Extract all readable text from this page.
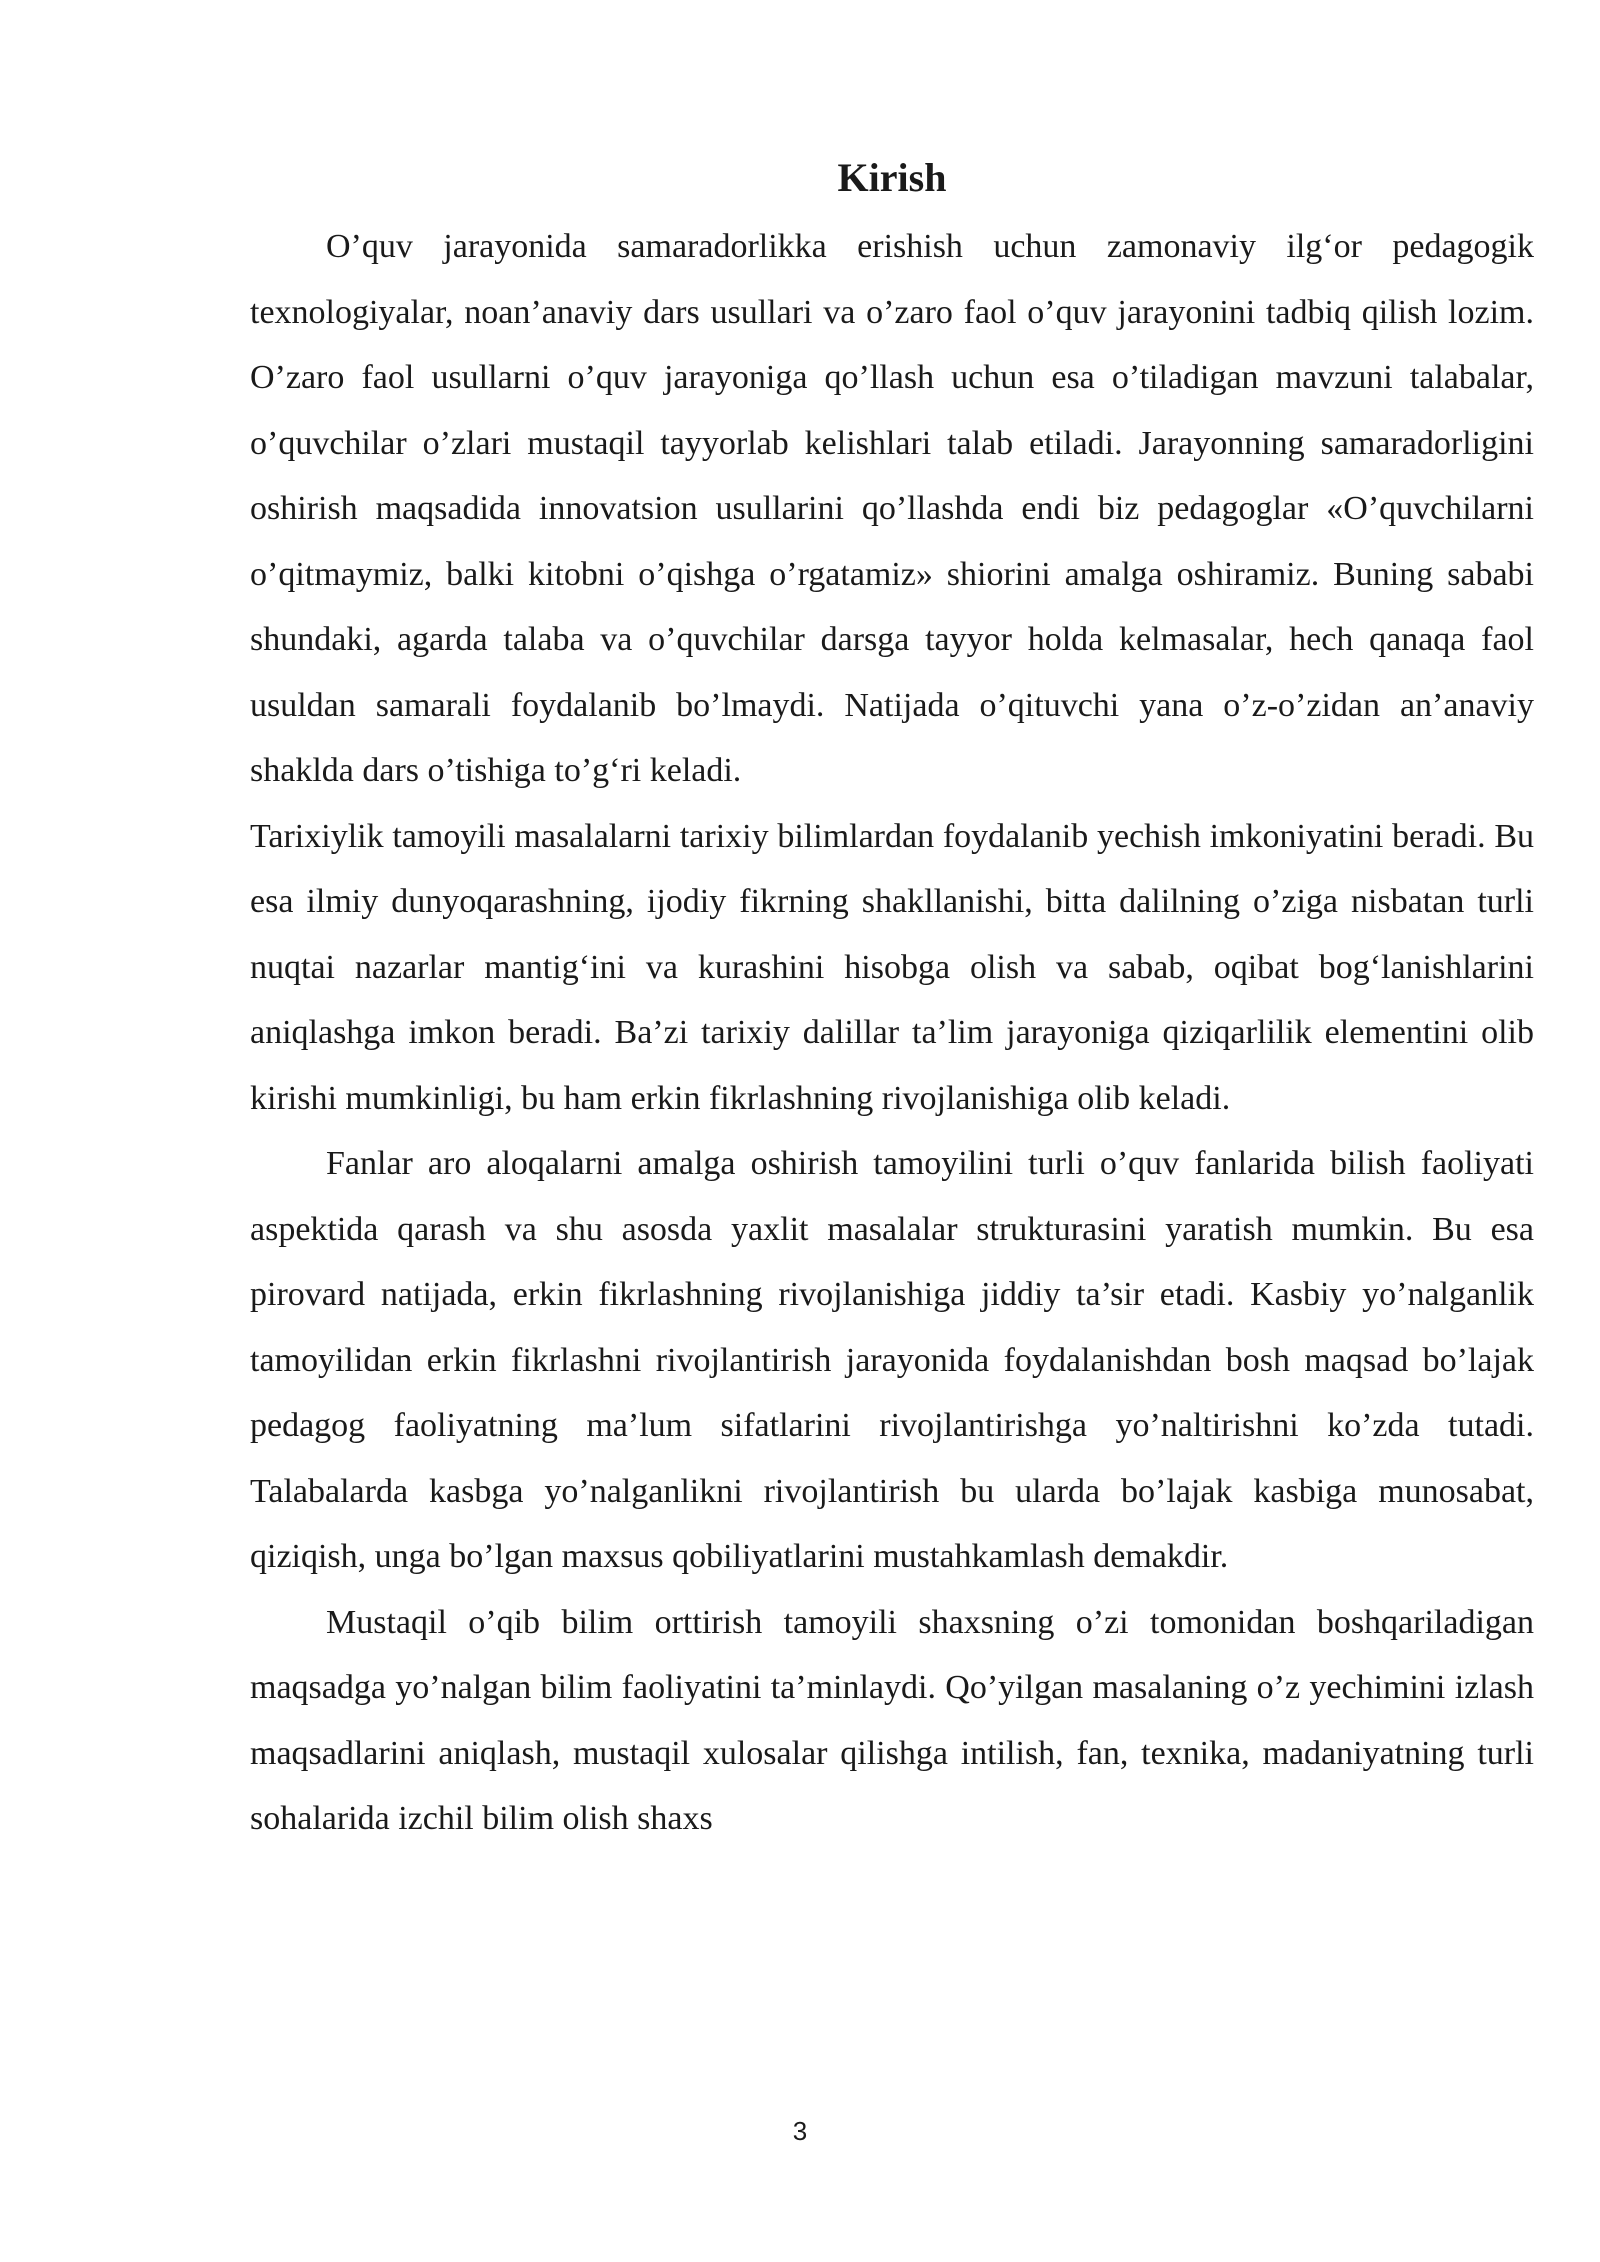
Kirish

O’quv jarayonida samaradorlikka erishish uchun zamonaviy ilg‘or pedagogik texnologiyalar, noan’anaviy dars usullari va o’zaro faol o’quv jarayonini tadbiq qilish lozim. O’zaro faol usullarni o’quv jarayoniga qo’llash uchun esa o’tiladigan mavzuni talabalar, o’quvchilar o’zlari mustaqil tayyorlab kelishlari talab etiladi. Jarayonning samaradorligini oshirish maqsadida innovatsion usullarini qo’llashda endi biz pedagoglar «O’quvchilarni o’qitmaymiz, balki kitobni o’qishga o’rgatamiz» shiorini amalga oshiramiz. Buning sababi shundaki, agarda talaba va o’quvchilar darsga tayyor holda kelmasalar, hech qanaqa faol usuldan samarali foydalanib bo’lmaydi. Natijada o’qituvchi yana o’z-o’zidan an’anaviy shaklda dars o’tishiga to’g‘ri keladi.

Tarixiylik tamoyili masalalarni tarixiy bilimlardan foydalanib yechish imkoniyatini beradi. Bu esa ilmiy dunyoqarashning, ijodiy fikrning shakllanishi, bitta dalilning o’ziga nisbatan turli nuqtai nazarlar mantig‘ini va kurashini hisobga olish va sabab, oqibat bog‘lanishlarini aniqlashga imkon beradi. Ba’zi tarixiy dalillar ta’lim jarayoniga qiziqarlilik elementini olib kirishi mumkinligi, bu ham erkin fikrlashning rivojlanishiga olib keladi.

Fanlar aro aloqalarni amalga oshirish tamoyilini turli o’quv fanlarida bilish faoliyati aspektida qarash va shu asosda yaxlit masalalar strukturasini yaratish mumkin. Bu esa pirovard natijada, erkin fikrlashning rivojlanishiga jiddiy ta’sir etadi. Kasbiy yo’nalganlik tamoyilidan erkin fikrlashni rivojlantirish jarayonida foydalanishdan bosh maqsad bo’lajak pedagog faoliyatning ma’lum sifatlarini rivojlantirishga yo’naltirishni ko’zda tutadi. Talabalarda kasbga yo’nalganlikni rivojlantirish bu ularda bo’lajak kasbiga munosabat, qiziqish, unga bo’lgan maxsus qobiliyatlarini mustahkamlash demakdir.

Mustaqil o’qib bilim orttirish tamoyili shaxsning o’zi tomonidan boshqariladigan maqsadga yo’nalgan bilim faoliyatini ta’minlaydi. Qo’yilgan masalaning o’z yechimini izlash maqsadlarini aniqlash, mustaqil xulosalar qilishga intilish, fan, texnika, madaniyatning turli sohalarida izchil bilim olish shaxs

3
